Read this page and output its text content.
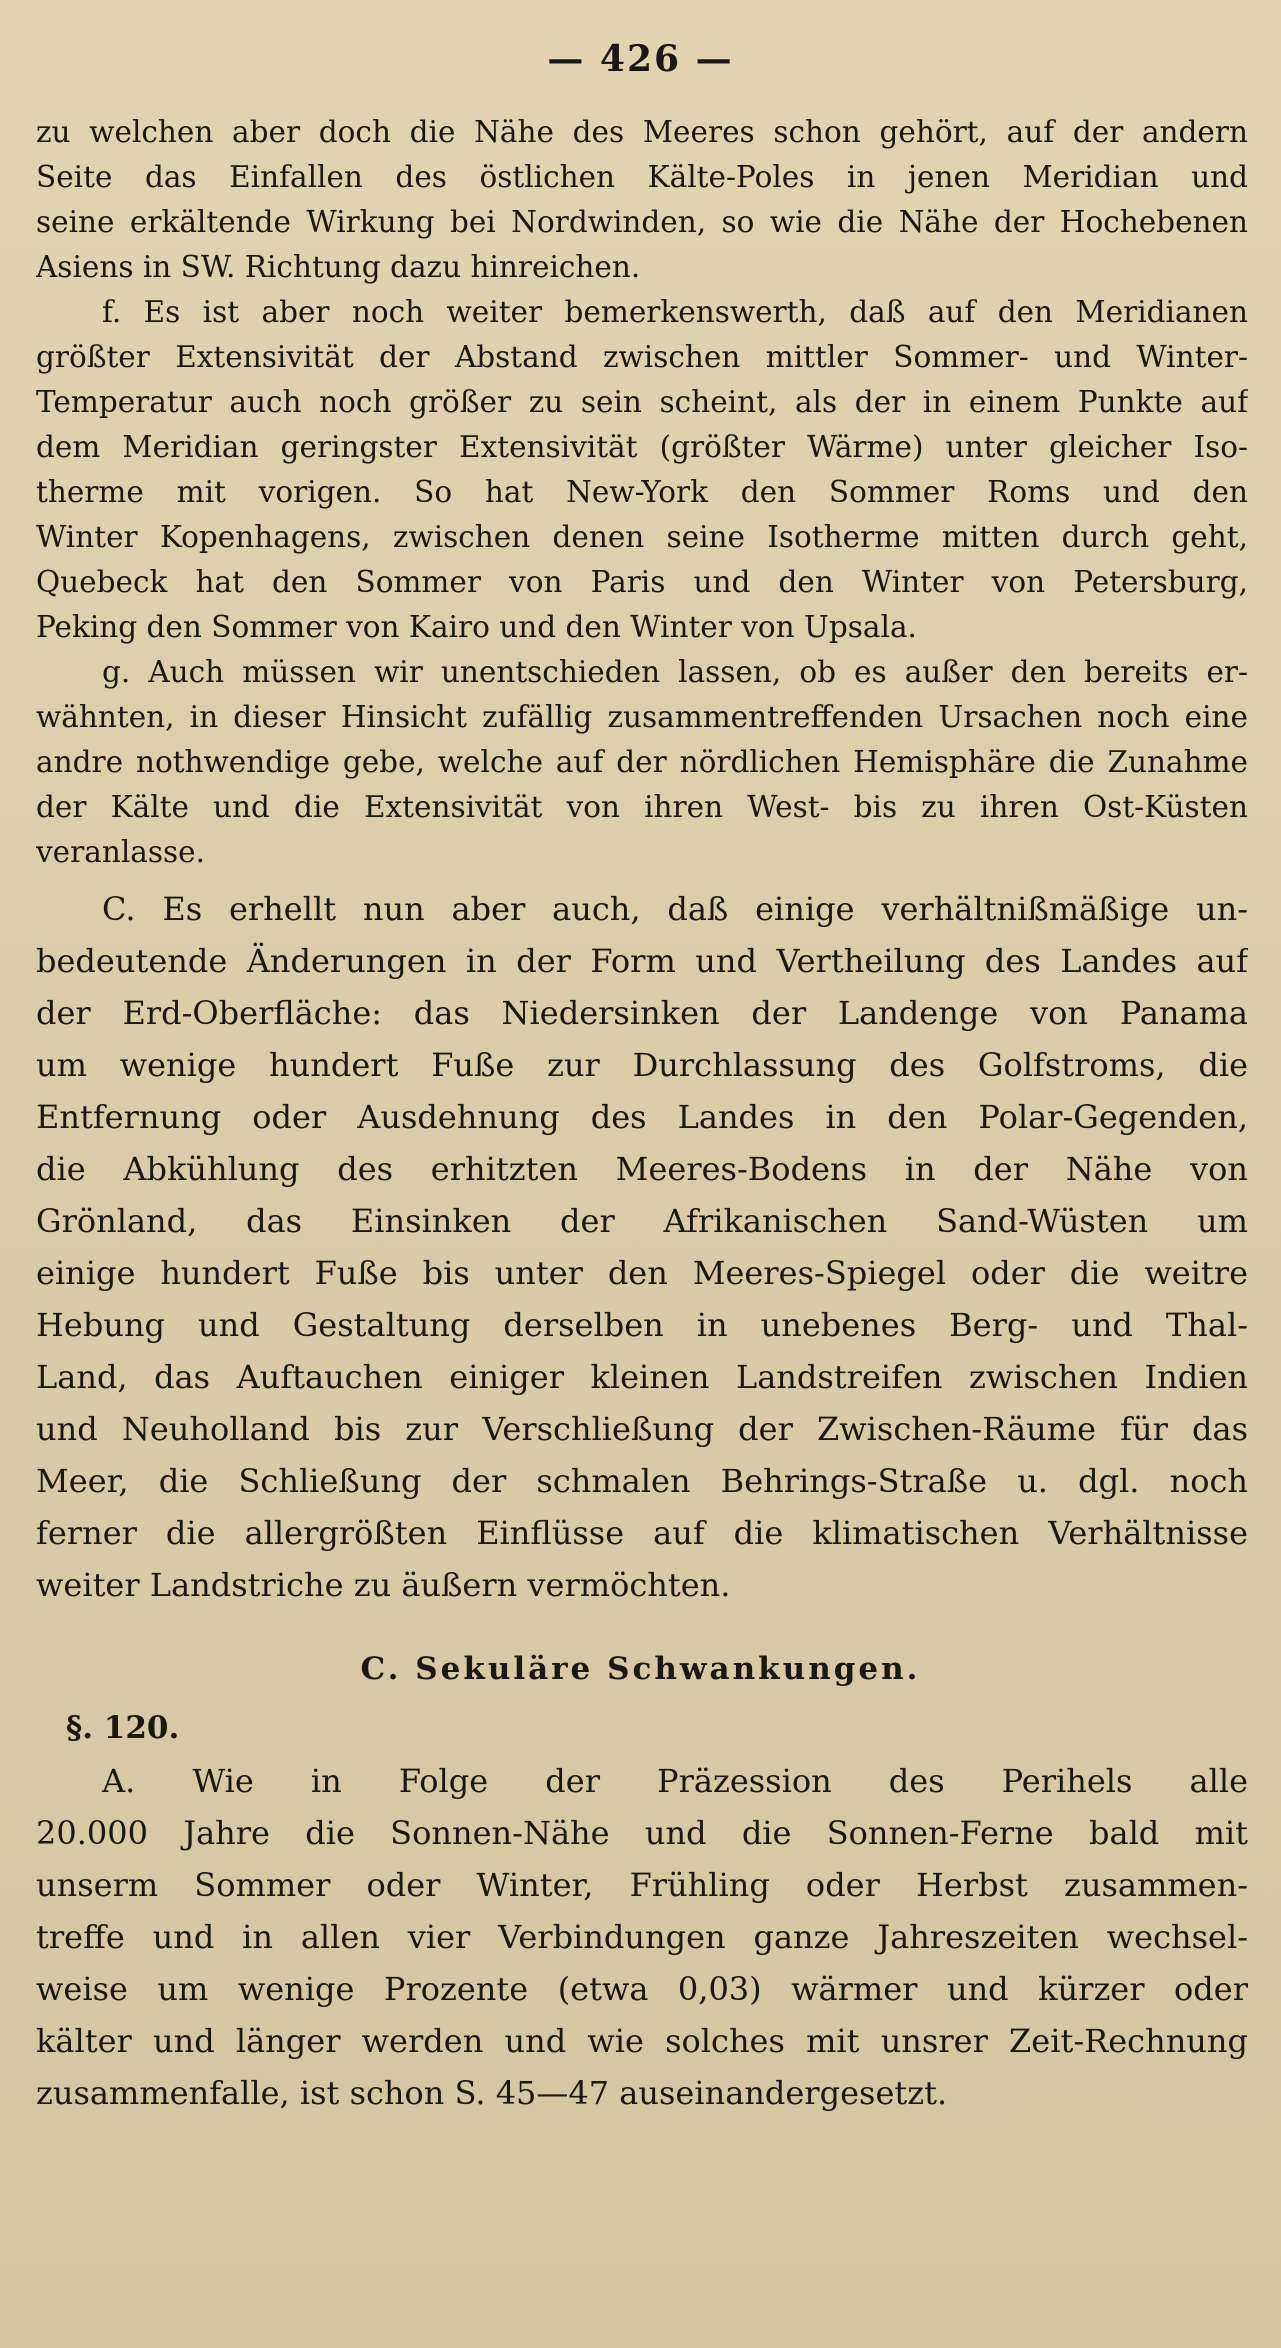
— 426 —
zu welchen aber doch die Nähe des Meeres schon gehört, auf der andern
Seite das Einfallen des östlichen Kälte-Poles in jenen Meridian und
seine erkältende Wirkung bei Nordwinden, so wie die Nähe der Hochebenen
Asiens in SW. Richtung dazu hinreichen.
f. Es ist aber noch weiter bemerkenswerth, daß auf den Meridianen
größter Extensivität der Abstand zwischen mittler Sommer- und Winter-
Temperatur auch noch größer zu sein scheint, als der in einem Punkte auf
dem Meridian geringster Extensivität (größter Wärme) unter gleicher Iso-
therme mit vorigen. So hat New-York den Sommer Roms und den
Winter Kopenhagens, zwischen denen seine Isotherme mitten durch geht,
Quebeck hat den Sommer von Paris und den Winter von Petersburg,
Peking den Sommer von Kairo und den Winter von Upsala.
g. Auch müssen wir unentschieden lassen, ob es außer den bereits er-
wähnten, in dieser Hinsicht zufällig zusammentreffenden Ursachen noch eine
andre nothwendige gebe, welche auf der nördlichen Hemisphäre die Zunahme
der Kälte und die Extensivität von ihren West- bis zu ihren Ost-Küsten
veranlasse.
C. Es erhellt nun aber auch, daß einige verhältnißmäßige un-
bedeutende Änderungen in der Form und Vertheilung des Landes auf
der Erd-Oberfläche: das Niedersinken der Landenge von Panama
um wenige hundert Fuße zur Durchlassung des Golfstroms, die
Entfernung oder Ausdehnung des Landes in den Polar-Gegenden,
die Abkühlung des erhitzten Meeres-Bodens in der Nähe von
Grönland, das Einsinken der Afrikanischen Sand-Wüsten um
einige hundert Fuße bis unter den Meeres-Spiegel oder die weitre
Hebung und Gestaltung derselben in unebenes Berg- und Thal-
Land, das Auftauchen einiger kleinen Landstreifen zwischen Indien
und Neuholland bis zur Verschließung der Zwischen-Räume für das
Meer, die Schließung der schmalen Behrings-Straße u. dgl. noch
ferner die allergrößten Einflüsse auf die klimatischen Verhältnisse
weiter Landstriche zu äußern vermöchten.
C. Sekuläre Schwankungen.
§. 120.
A. Wie in Folge der Präzession des Perihels alle
20.000 Jahre die Sonnen-Nähe und die Sonnen-Ferne bald mit
unserm Sommer oder Winter, Frühling oder Herbst zusammen-
treffe und in allen vier Verbindungen ganze Jahreszeiten wechsel-
weise um wenige Prozente (etwa 0,03) wärmer und kürzer oder
kälter und länger werden und wie solches mit unsrer Zeit-Rechnung
zusammenfalle, ist schon S. 45—47 auseinandergesetzt.
